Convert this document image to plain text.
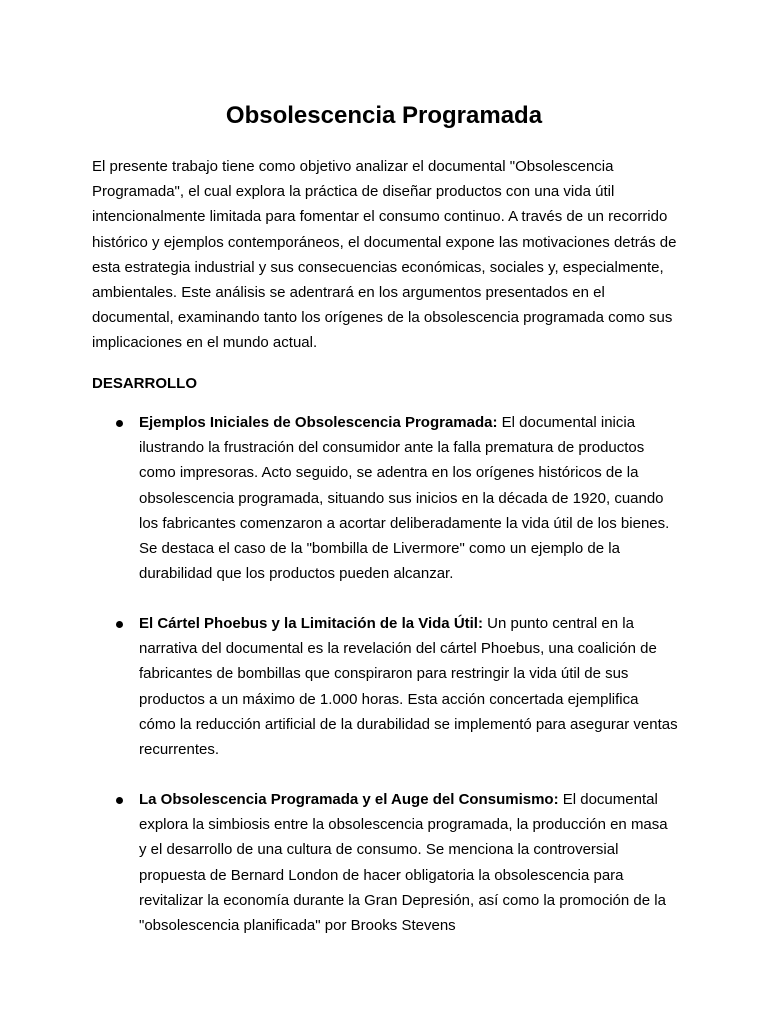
Obsolescencia Programada

El presente trabajo tiene como objetivo analizar el documental "Obsolescencia Programada", el cual explora la práctica de diseñar productos con una vida útil intencionalmente limitada para fomentar el consumo continuo. A través de un recorrido histórico y ejemplos contemporáneos, el documental expone las motivaciones detrás de esta estrategia industrial y sus consecuencias económicas, sociales y, especialmente, ambientales. Este análisis se adentrará en los argumentos presentados en el documental, examinando tanto los orígenes de la obsolescencia programada como sus implicaciones en el mundo actual.

DESARROLLO

Ejemplos Iniciales de Obsolescencia Programada: El documental inicia ilustrando la frustración del consumidor ante la falla prematura de productos como impresoras. Acto seguido, se adentra en los orígenes históricos de la obsolescencia programada, situando sus inicios en la década de 1920, cuando los fabricantes comenzaron a acortar deliberadamente la vida útil de los bienes. Se destaca el caso de la "bombilla de Livermore" como un ejemplo de la durabilidad que los productos pueden alcanzar.
El Cártel Phoebus y la Limitación de la Vida Útil: Un punto central en la narrativa del documental es la revelación del cártel Phoebus, una coalición de fabricantes de bombillas que conspiraron para restringir la vida útil de sus productos a un máximo de 1.000 horas. Esta acción concertada ejemplifica cómo la reducción artificial de la durabilidad se implementó para asegurar ventas recurrentes.
La Obsolescencia Programada y el Auge del Consumismo: El documental explora la simbiosis entre la obsolescencia programada, la producción en masa y el desarrollo de una cultura de consumo. Se menciona la controversial propuesta de Bernard London de hacer obligatoria la obsolescencia para revitalizar la economía durante la Gran Depresión, así como la promoción de la "obsolescencia planificada" por Brooks Stevens
